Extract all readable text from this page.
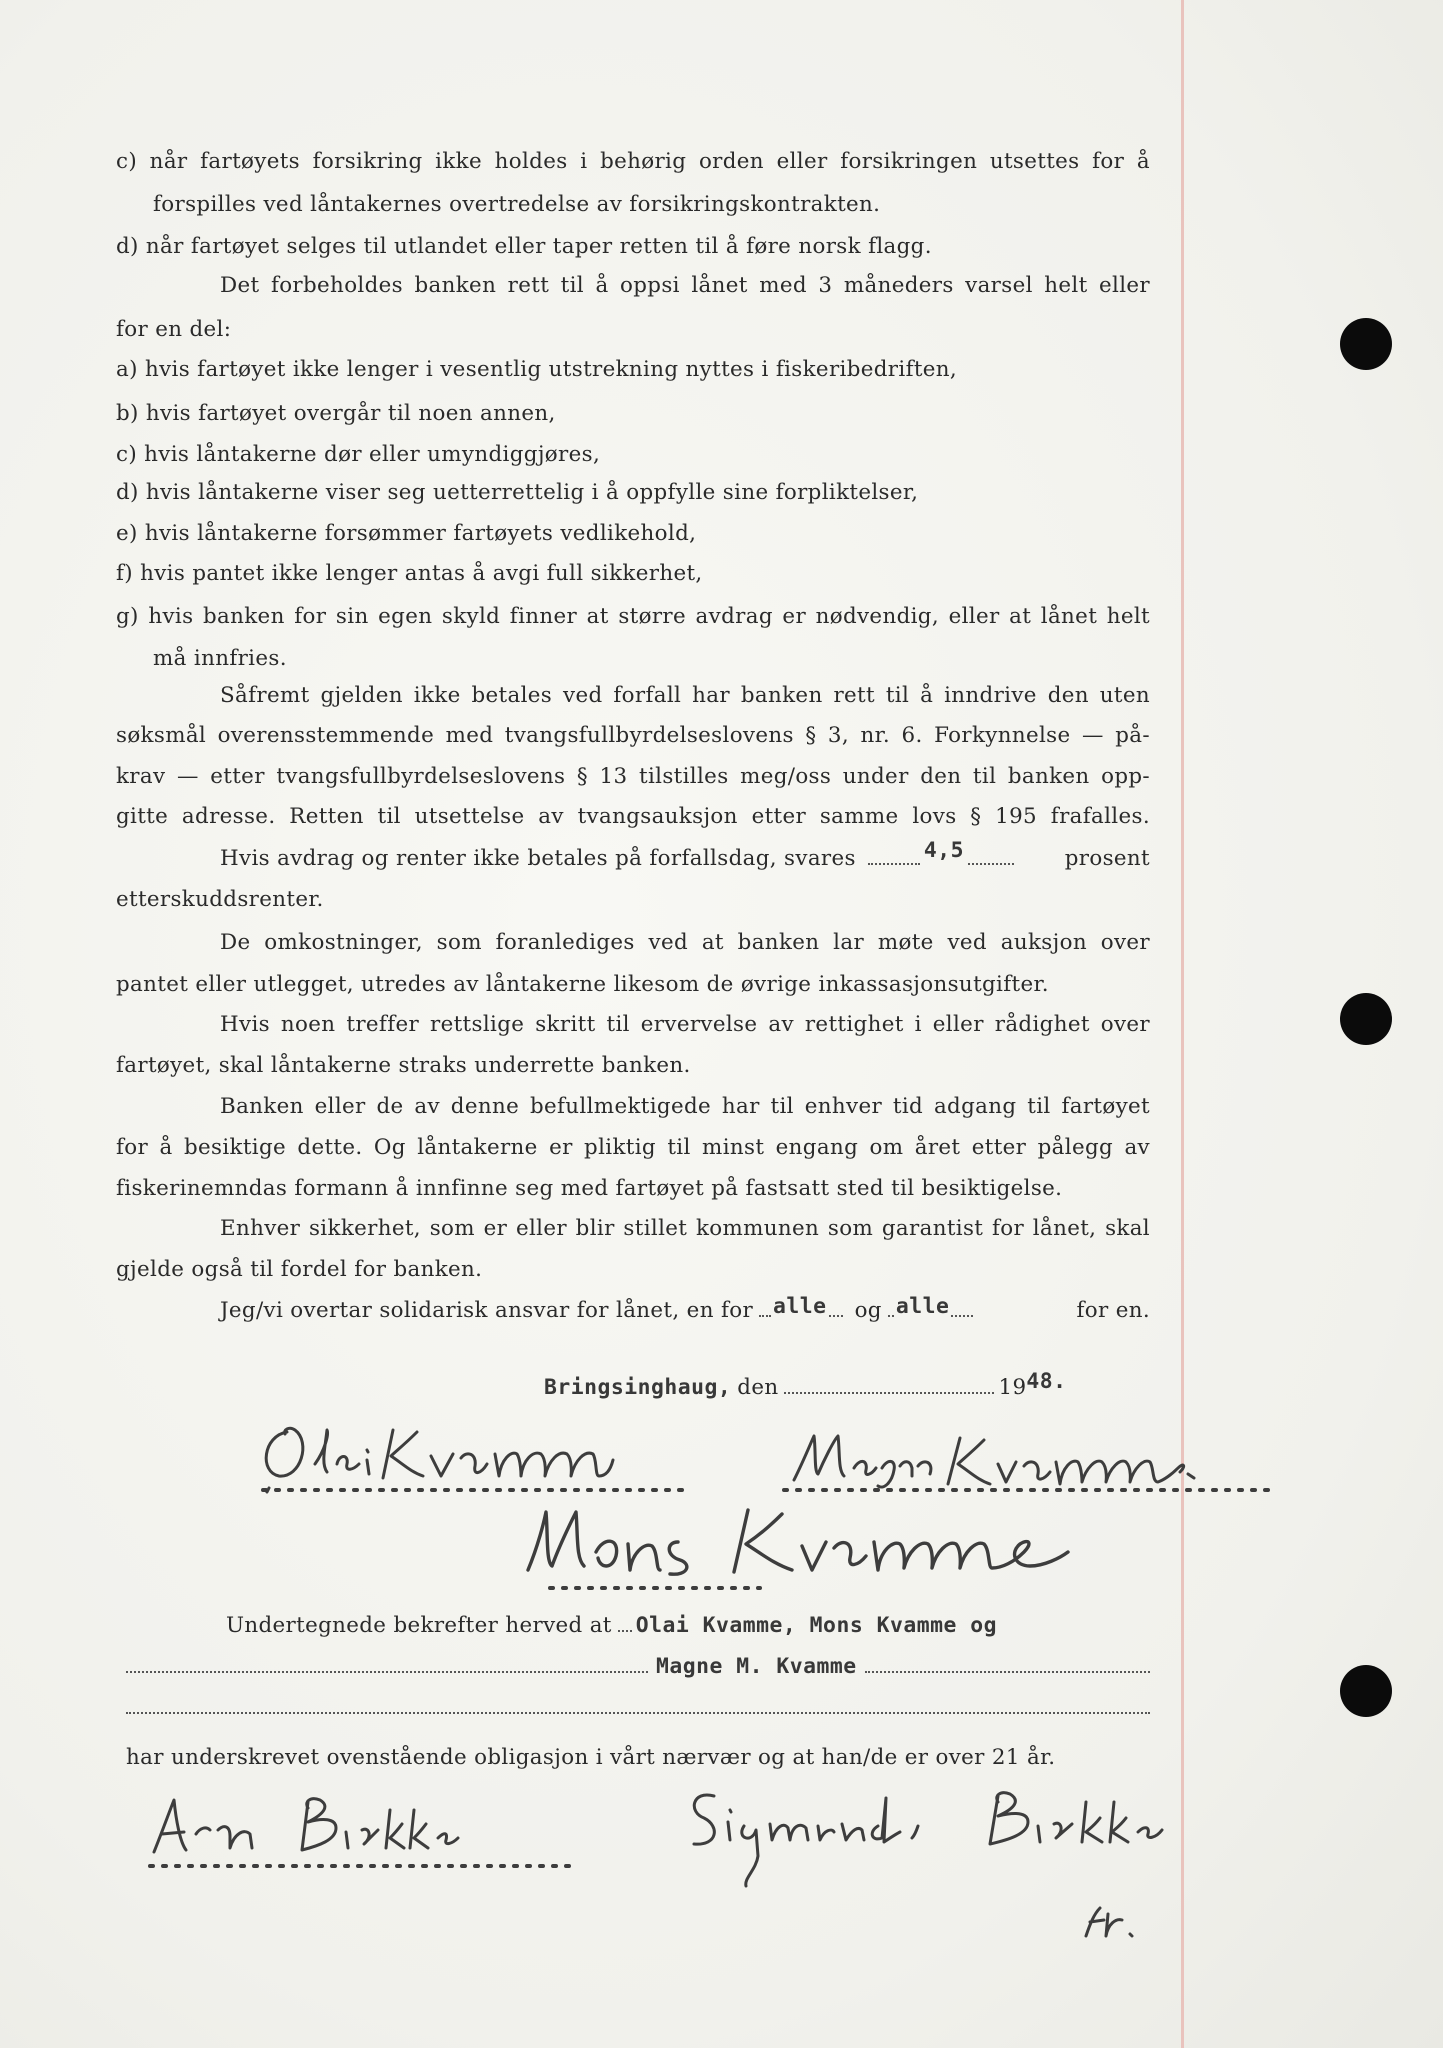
c) når fartøyets forsikring ikke holdes i behørig orden eller forsikringen utsettes for å

forspilles ved låntakernes overtredelse av forsikringskontrakten.

d) når fartøyet selges til utlandet eller taper retten til å føre norsk flagg.

Det forbeholdes banken rett til å oppsi lånet med 3 måneders varsel helt eller

for en del:

a) hvis fartøyet ikke lenger i vesentlig utstrekning nyttes i fiskeribedriften,

b) hvis fartøyet overgår til noen annen,

c) hvis låntakerne dør eller umyndiggjøres,

d) hvis låntakerne viser seg uetterrettelig i å oppfylle sine forpliktelser,

e) hvis låntakerne forsømmer fartøyets vedlikehold,

f) hvis pantet ikke lenger antas å avgi full sikkerhet,

g) hvis banken for sin egen skyld finner at større avdrag er nødvendig, eller at lånet helt

må innfries.

Såfremt gjelden ikke betales ved forfall har banken rett til å inndrive den uten

søksmål overensstemmende med tvangsfullbyrdelseslovens § 3, nr. 6. Forkynnelse — på-

krav — etter tvangsfullbyrdelseslovens § 13 tilstilles meg/oss under den til banken opp-

gitte adresse. Retten til utsettelse av tvangsauksjon etter samme lovs § 195 frafalles.

Hvis avdrag og renter ikke betales på forfallsdag, svares	4,5	prosent

etterskuddsrenter.

De omkostninger, som foranlediges ved at banken lar møte ved auksjon over

pantet eller utlegget, utredes av låntakerne likesom de øvrige inkassasjonsutgifter.

Hvis noen treffer rettslige skritt til ervervelse av rettighet i eller rådighet over

fartøyet, skal låntakerne straks underrette banken.

Banken eller de av denne befullmektigede har til enhver tid adgang til fartøyet

for å besiktige dette. Og låntakerne er pliktig til minst engang om året etter pålegg av

fiskerinemndas formann å innfinne seg med fartøyet på fastsatt sted til besiktigelse.

Enhver sikkerhet, som er eller blir stillet kommunen som garantist for lånet, skal

gjelde også til fordel for banken.

Jeg/vi overtar solidarisk ansvar for lånet, en for alle og alle	for en.
Bringsinghaug, den	19 48.
Undertegnede bekrefter herved at Olai Kvamme, Mons Kvamme og
Magne M. Kvamme

har underskrevet ovenstående obligasjon i vårt nærvær og at han/de er over 21 år.
